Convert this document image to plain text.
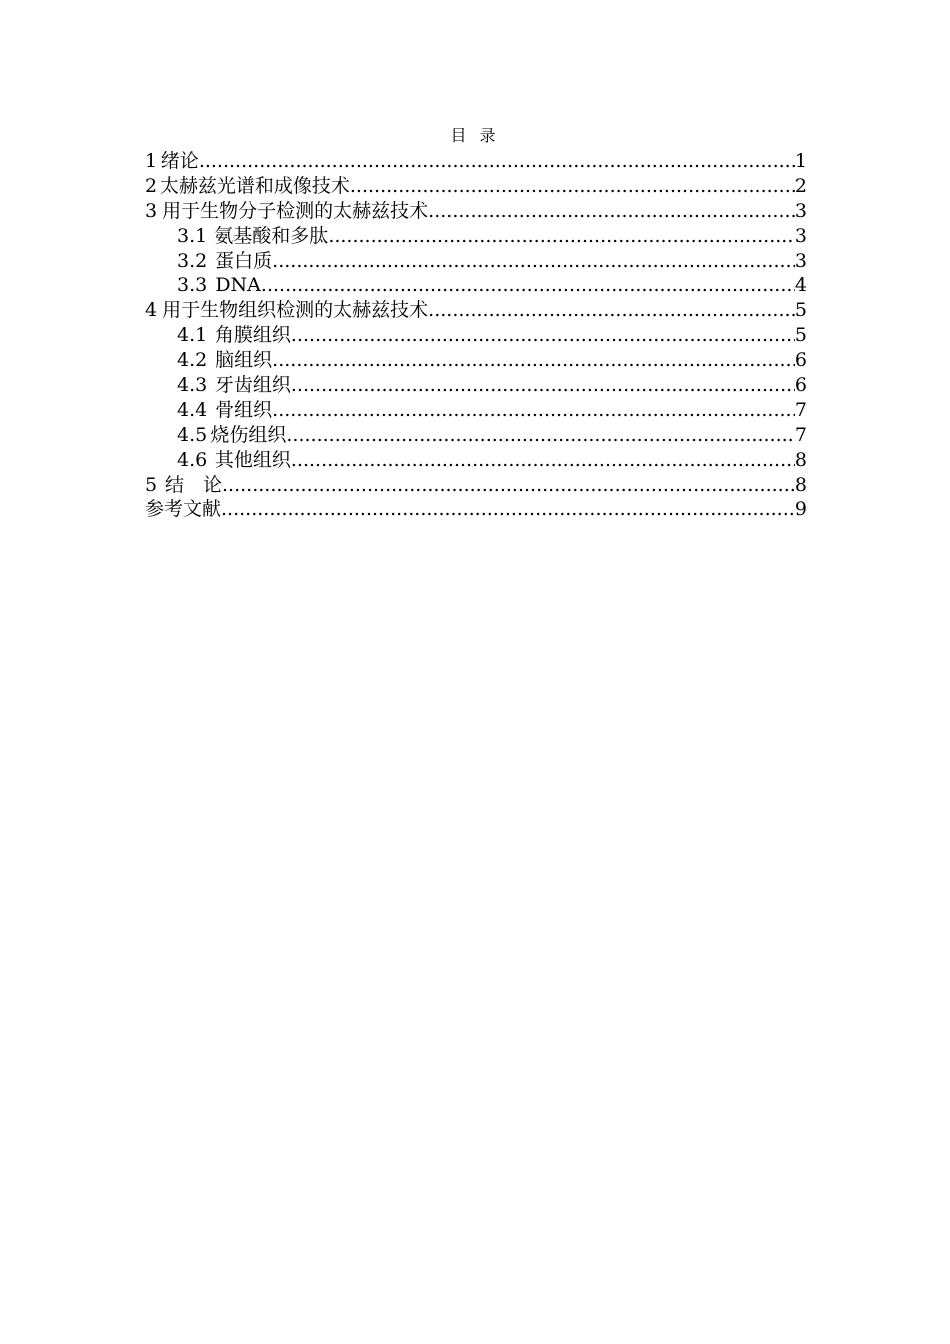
目 录
1 绪论 .....	1
2 太赫兹光谱和成像技术 .....	2
3 用于生物分子检测的太赫兹技术 .....	3
3.1 氨基酸和多肽 .....	3
3.2 蛋白质 .....	3
3.3 DNA .....	4
4 用于生物组织检测的太赫兹技术 .....	5
4.1 角膜组织 .....	5
4.2 脑组织 .....	6
4.3 牙齿组织 .....	6
4.4 骨组织 .....	7
4.5 烧伤组织 .....	7
4.6 其他组织 .....	8
5 结　论 .....	8
参考文献 .....	9
